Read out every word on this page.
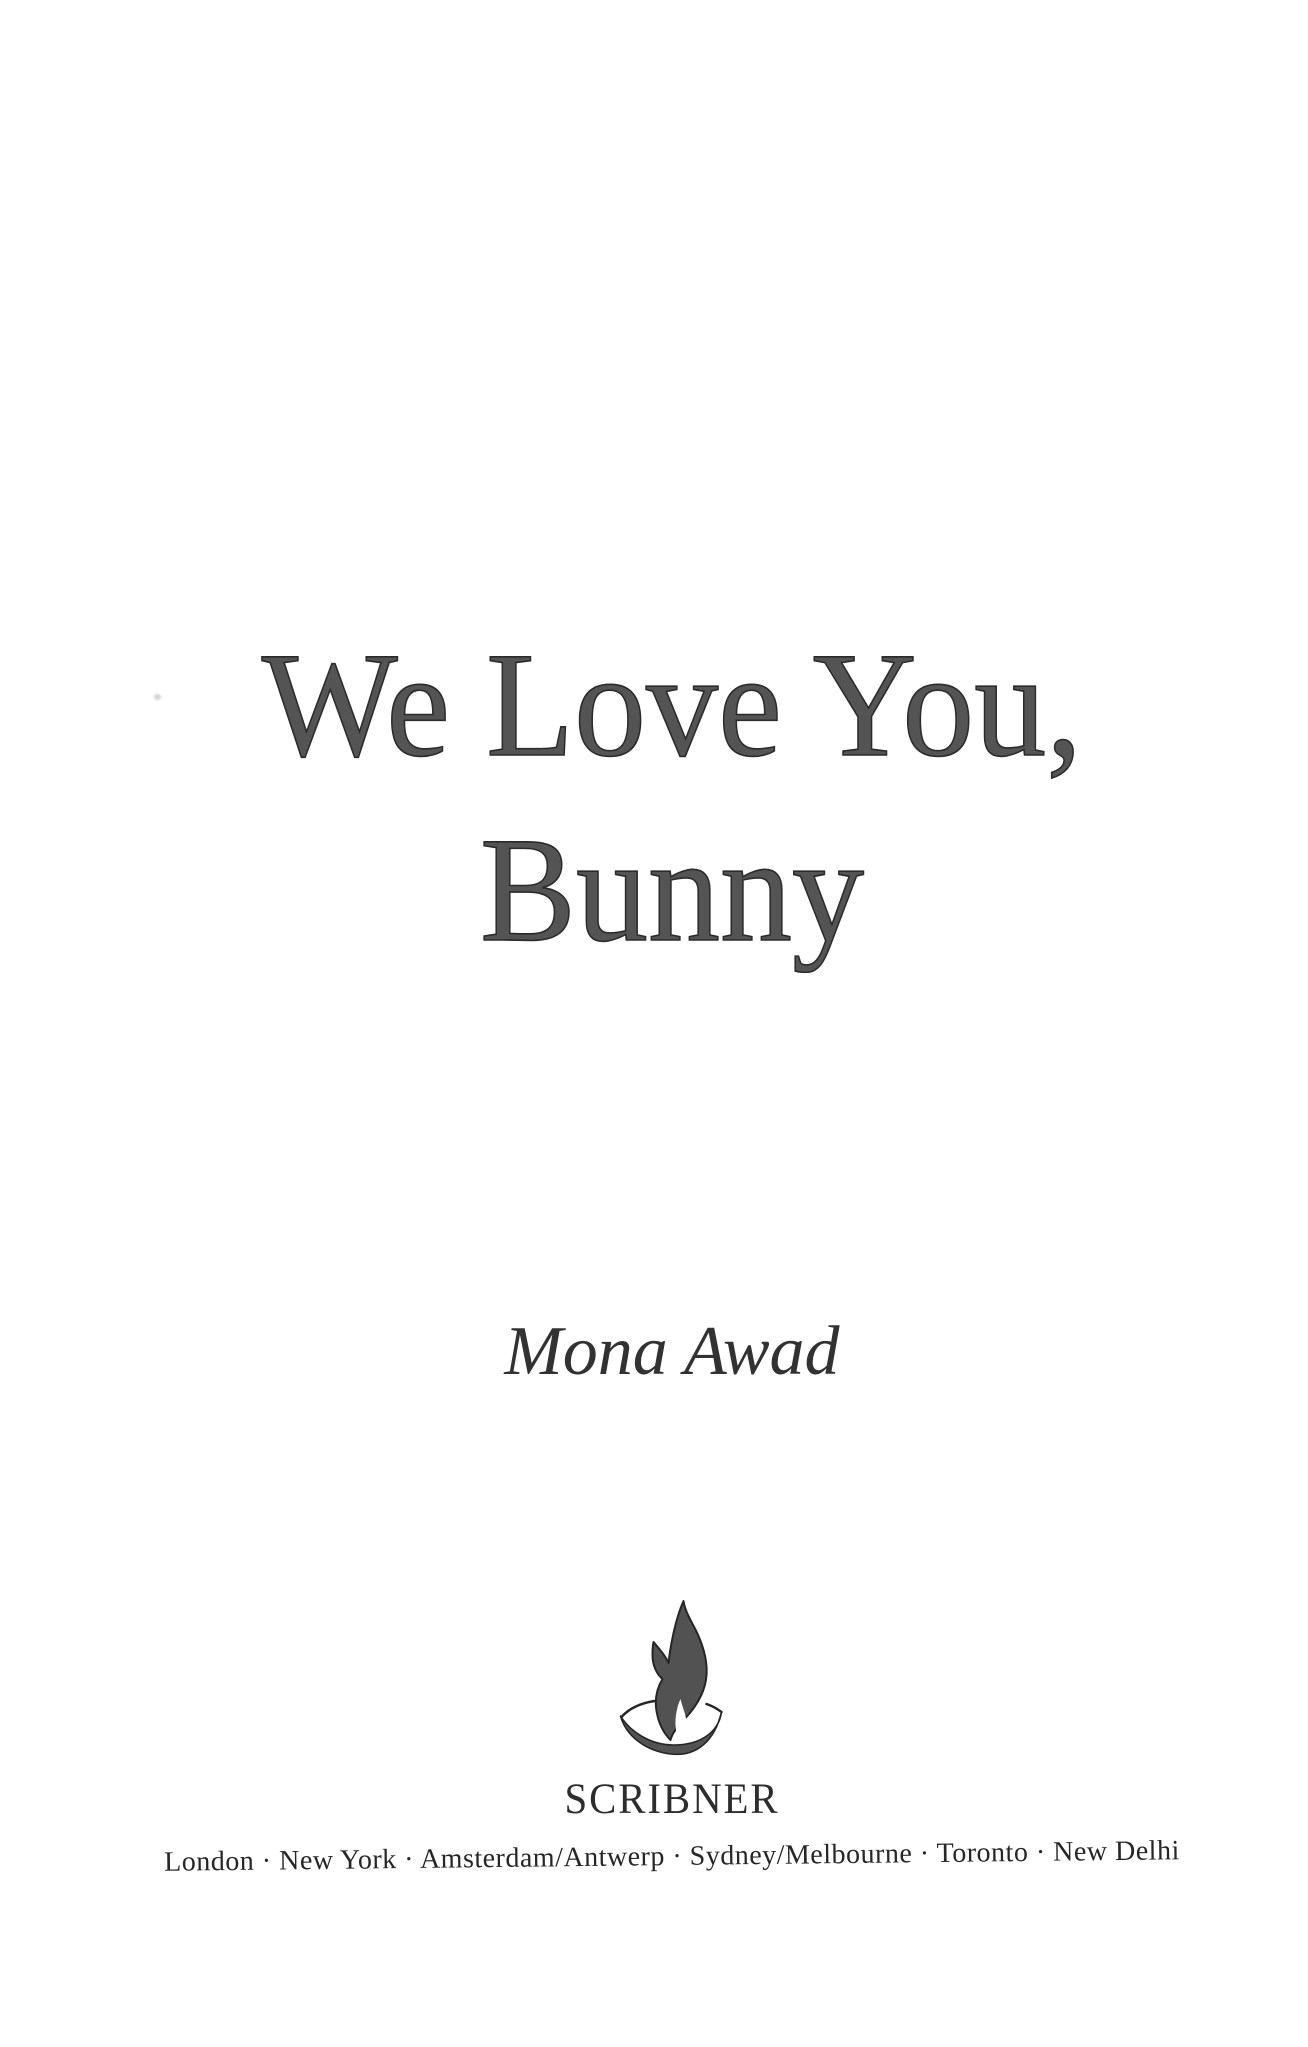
We Love You,
Bunny
Mona Awad
SCRIBNER
London · New York · Amsterdam/Antwerp · Sydney/Melbourne · Toronto · New Delhi
